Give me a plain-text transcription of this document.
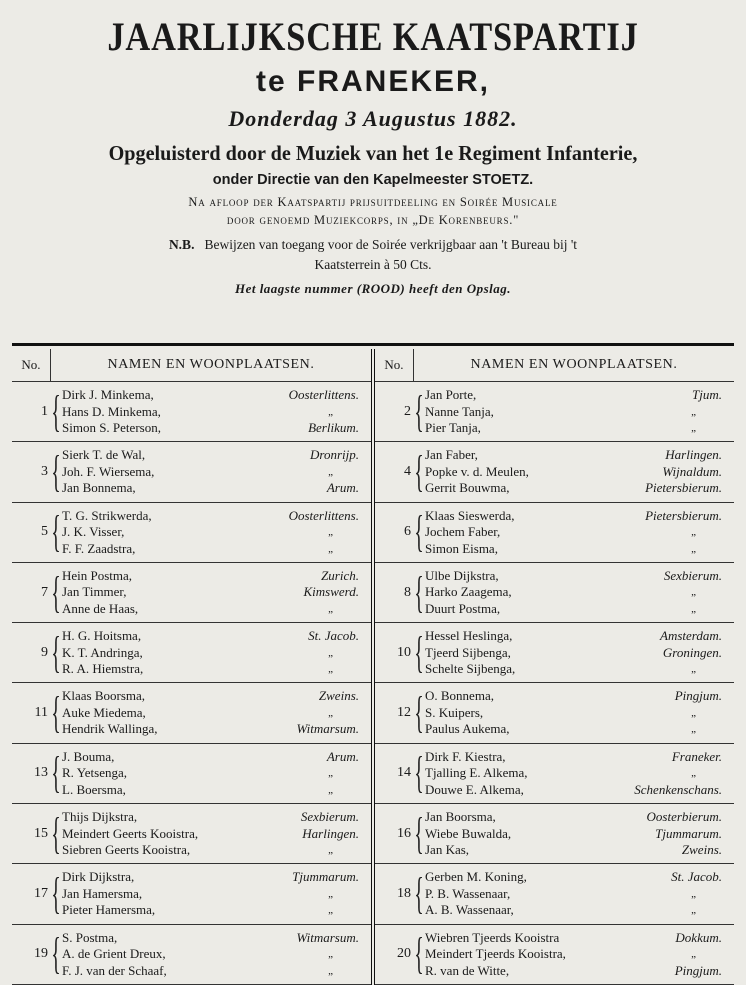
JAARLIJKSCHE KAATSPARTIJ
te FRANEKER,
Donderdag 3 Augustus 1882.
Opgeluisterd door de Muziek van het 1e Regiment Infanterie,
onder Directie van den Kapelmeester STOETZ.
Na afloop der Kaatspartij prijsuitdeeling en Soirée Musicale
door genoemd Muziekcorps, in „De Korenbeurs."
N.B. Bewijzen van toegang voor de Soirée verkrijgbaar aan 't Bureau bij 't
Kaatsterrein à 50 Cts.
Het laagste nummer (ROOD) heeft den Opslag.
No.	NAMEN EN WOONPLAATSEN.
1 { Dirk J. Minkema,	Oosterlittens.
Hans D. Minkema,	„
Simon S. Peterson,	Berlikum.
3 { Sierk T. de Wal,	Dronrijp.
Joh. F. Wiersema,	„
Jan Bonnema,	Arum.
5 { T. G. Strikwerda,	Oosterlittens.
J. K. Visser,	„
F. F. Zaadstra,	„
7 { Hein Postma,	Zurich.
Jan Timmer,	Kimswerd.
Anne de Haas,	„
9 { H. G. Hoitsma,	St. Jacob.
K. T. Andringa,	„
R. A. Hiemstra,	„
11 { Klaas Boorsma,	Zweins.
Auke Miedema,	„
Hendrik Wallinga,	Witmarsum.
13 { J. Bouma,	Arum.
R. Yetsenga,	„
L. Boersma,	„
15 { Thijs Dijkstra,	Sexbierum.
Meindert Geerts Kooistra,	Harlingen.
Siebren Geerts Kooistra,	„
17 { Dirk Dijkstra,	Tjummarum.
Jan Hamersma,	„
Pieter Hamersma,	„
19 { S. Postma,	Witmarsum.
A. de Grient Dreux,	„
F. J. van der Schaaf,	„
No.	NAMEN EN WOONPLAATSEN.
2 { Jan Porte,	Tjum.
Nanne Tanja,	„
Pier Tanja,	„
4 { Jan Faber,	Harlingen.
Popke v. d. Meulen,	Wijnaldum.
Gerrit Bouwma,	Pietersbierum.
6 { Klaas Sieswerda,	Pietersbierum.
Jochem Faber,	„
Simon Eisma,	„
8 { Ulbe Dijkstra,	Sexbierum.
Harko Zaagema,	„
Duurt Postma,	„
10 { Hessel Heslinga,	Amsterdam.
Tjeerd Sijbenga,	Groningen.
Schelte Sijbenga,	„
12 { O. Bonnema,	Pingjum.
S. Kuipers,	„
Paulus Aukema,	„
14 { Dirk F. Kiestra,	Franeker.
Tjalling E. Alkema,	„
Douwe E. Alkema,	Schenkenschans.
16 { Jan Boorsma,	Oosterbierum.
Wiebe Buwalda,	Tjummarum.
Jan Kas,	Zweins.
18 { Gerben M. Koning,	St. Jacob.
P. B. Wassenaar,	„
A. B. Wassenaar,	„
20 { Wiebren Tjeerds Kooistra	Dokkum.
Meindert Tjeerds Kooistra,	„
R. van de Witte,	Pingjum.
